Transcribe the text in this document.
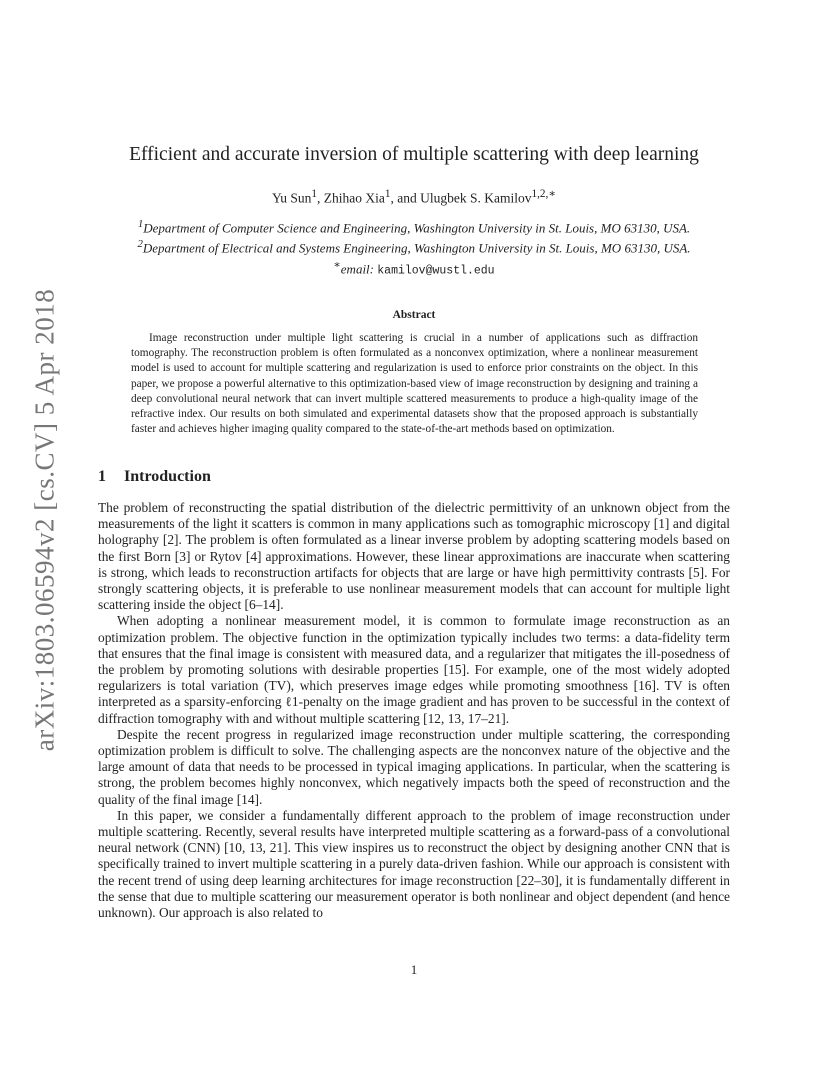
arXiv:1803.06594v2 [cs.CV] 5 Apr 2018
Efficient and accurate inversion of multiple scattering with deep learning
Yu Sun$^1$, Zhihao Xia$^1$, and Ulugbek S. Kamilov$^{1,2,∗}$
$^1$Department of Computer Science and Engineering, Washington University in St. Louis, MO 63130, USA.
$^2$Department of Electrical and Systems Engineering, Washington University in St. Louis, MO 63130, USA.
∗email: kamilov@wustl.edu
Abstract

Image reconstruction under multiple light scattering is crucial in a number of applications such as diffraction tomography. The reconstruction problem is often formulated as a nonconvex optimization, where a nonlinear measurement model is used to account for multiple scattering and regularization is used to enforce prior constraints on the object. In this paper, we propose a powerful alternative to this optimization-based view of image reconstruction by designing and training a deep convolutional neural network that can invert multiple scattered measurements to produce a high-quality image of the refractive index. Our results on both simulated and experimental datasets show that the proposed approach is substantially faster and achieves higher imaging quality compared to the state-of-the-art methods based on optimization.

1 Introduction

The problem of reconstructing the spatial distribution of the dielectric permittivity of an unknown object from the measurements of the light it scatters is common in many applications such as tomographic microscopy [1] and digital holography [2]. The problem is often formulated as a linear inverse problem by adopting scattering models based on the first Born [3] or Rytov [4] approximations. However, these linear approximations are inaccurate when scattering is strong, which leads to reconstruction artifacts for objects that are large or have high permittivity contrasts [5]. For strongly scattering objects, it is preferable to use nonlinear measurement models that can account for multiple light scattering inside the object [6–14].

When adopting a nonlinear measurement model, it is common to formulate image reconstruction as an optimization problem. The objective function in the optimization typically includes two terms: a data-fidelity term that ensures that the final image is consistent with measured data, and a regularizer that mitigates the ill-posedness of the problem by promoting solutions with desirable properties [15]. For example, one of the most widely adopted regularizers is total variation (TV), which preserves image edges while promoting smoothness [16]. TV is often interpreted as a sparsity-enforcing ℓ1-penalty on the image gradient and has proven to be successful in the context of diffraction tomography with and without multiple scattering [12, 13, 17–21].

Despite the recent progress in regularized image reconstruction under multiple scattering, the corresponding optimization problem is difficult to solve. The challenging aspects are the nonconvex nature of the objective and the large amount of data that needs to be processed in typical imaging applications. In particular, when the scattering is strong, the problem becomes highly nonconvex, which negatively impacts both the speed of reconstruction and the quality of the final image [14].

In this paper, we consider a fundamentally different approach to the problem of image reconstruction under multiple scattering. Recently, several results have interpreted multiple scattering as a forward-pass of a convolutional neural network (CNN) [10, 13, 21]. This view inspires us to reconstruct the object by designing another CNN that is specifically trained to invert multiple scattering in a purely data-driven fashion. While our approach is consistent with the recent trend of using deep learning architectures for image reconstruction [22–30], it is fundamentally different in the sense that due to multiple scattering our measurement operator is both nonlinear and object dependent (and hence unknown). Our approach is also related to

1
